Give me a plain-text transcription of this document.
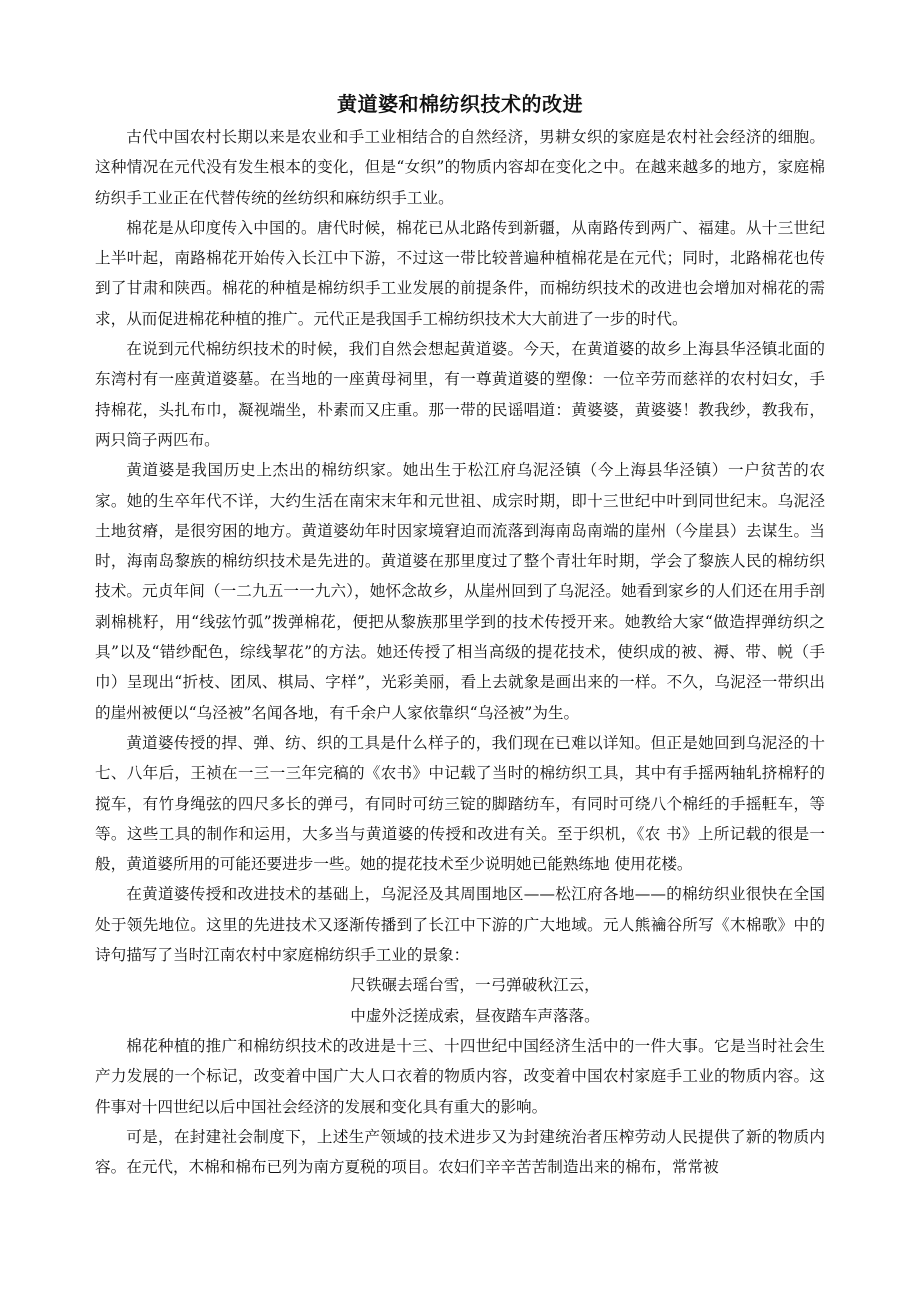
黄道婆和棉纺织技术的改进

古代中国农村长期以来是农业和手工业相结合的自然经济，男耕女织的家庭是农村社会经济的细胞。这种情况在元代没有发生根本的变化，但是“女织”的物质内容却在变化之中。在越来越多的地方，家庭棉纺织手工业正在代替传统的丝纺织和麻纺织手工业。

棉花是从印度传入中国的。唐代时候，棉花已从北路传到新疆，从南路传到两广、福建。从十三世纪上半叶起，南路棉花开始传入长江中下游，不过这一带比较普遍种植棉花是在元代；同时，北路棉花也传到了甘肃和陕西。棉花的种植是棉纺织手工业发展的前提条件，而棉纺织技术的改进也会增加对棉花的需求，从而促进棉花种植的推广。元代正是我国手工棉纺织技术大大前进了一步的时代。

在说到元代棉纺织技术的时候，我们自然会想起黄道婆。今天，在黄道婆的故乡上海县华泾镇北面的东湾村有一座黄道婆墓。在当地的一座黄母祠里，有一尊黄道婆的塑像：一位辛劳而慈祥的农村妇女，手持棉花，头扎布巾，凝视端坐，朴素而又庄重。那一带的民谣唱道：黄婆婆，黄婆婆！教我纱，教我布， 两只筒子两匹布。

黄道婆是我国历史上杰出的棉纺织家。她出生于松江府乌泥泾镇（今上海县华泾镇）一户贫苦的农家。她的生卒年代不详，大约生活在南宋末年和元世祖、成宗时期，即十三世纪中叶到同世纪末。乌泥泾土地贫瘠，是很穷困的地方。黄道婆幼年时因家境窘迫而流落到海南岛南端的崖州（今崖县）去谋生。当时，海南岛黎族的棉纺织技术是先进的。黄道婆在那里度过了整个青壮年时期，学会了黎族人民的棉纺织技术。元贞年间（一二九五一一九六），她怀念故乡，从崖州回到了乌泥泾。她看到家乡的人们还在用手剖剥棉桃籽，用“线弦竹弧”拨弹棉花，便把从黎族那里学到的技术传授开来。她教给大家“做造捍弹纺织之具”以及“错纱配色，综线挈花”的方法。她还传授了相当高级的提花技术，使织成的被、褥、带、帨（手巾）呈现出“折枝、团凤、棋局、字样”，光彩美丽，看上去就象是画出来的一样。不久，乌泥泾一带织出的崖州被便以“乌泾被”名闻各地，有千余户人家依靠织“乌泾被”为生。

黄道婆传授的捍、弹、纺、织的工具是什么样子的，我们现在已难以详知。但正是她回到乌泥泾的十七、八年后，王祯在一三一三年完稿的《农书》中记载了当时的棉纺织工具，其中有手摇两轴轧挤棉籽的搅车，有竹身绳弦的四尺多长的弹弓，有同时可纺三锭的脚踏纺车，有同时可绕八个棉纴的手摇軖车，等等。这些工具的制作和运用，大多当与黄道婆的传授和改进有关。至于织机，《农 书》上所记载的很是一般，黄道婆所用的可能还要进步一些。她的提花技术至少说明她已能熟练地 使用花楼。

在黄道婆传授和改进技术的基础上，乌泥泾及其周围地区——松江府各地——的棉纺织业很快在全国处于领先地位。这里的先进技术又逐渐传播到了长江中下游的广大地域。元人熊禴谷所写《木棉歌》中的诗句描写了当时江南农村中家庭棉纺织手工业的景象：

尺铁碾去瑶台雪，一弓弹破秋江云，

中虚外泛搓成索，昼夜踏车声落落。

棉花种植的推广和棉纺织技术的改进是十三、十四世纪中国经济生活中的一件大事。它是当时社会生产力发展的一个标记，改变着中国广大人口衣着的物质内容，改变着中国农村家庭手工业的物质内容。这件事对十四世纪以后中国社会经济的发展和变化具有重大的影响。

可是，在封建社会制度下，上述生产领域的技术进步又为封建统治者压榨劳动人民提供了新的物质内容。在元代，木棉和棉布已列为南方夏税的项目。农妇们辛辛苦苦制造出来的棉布，常常被
